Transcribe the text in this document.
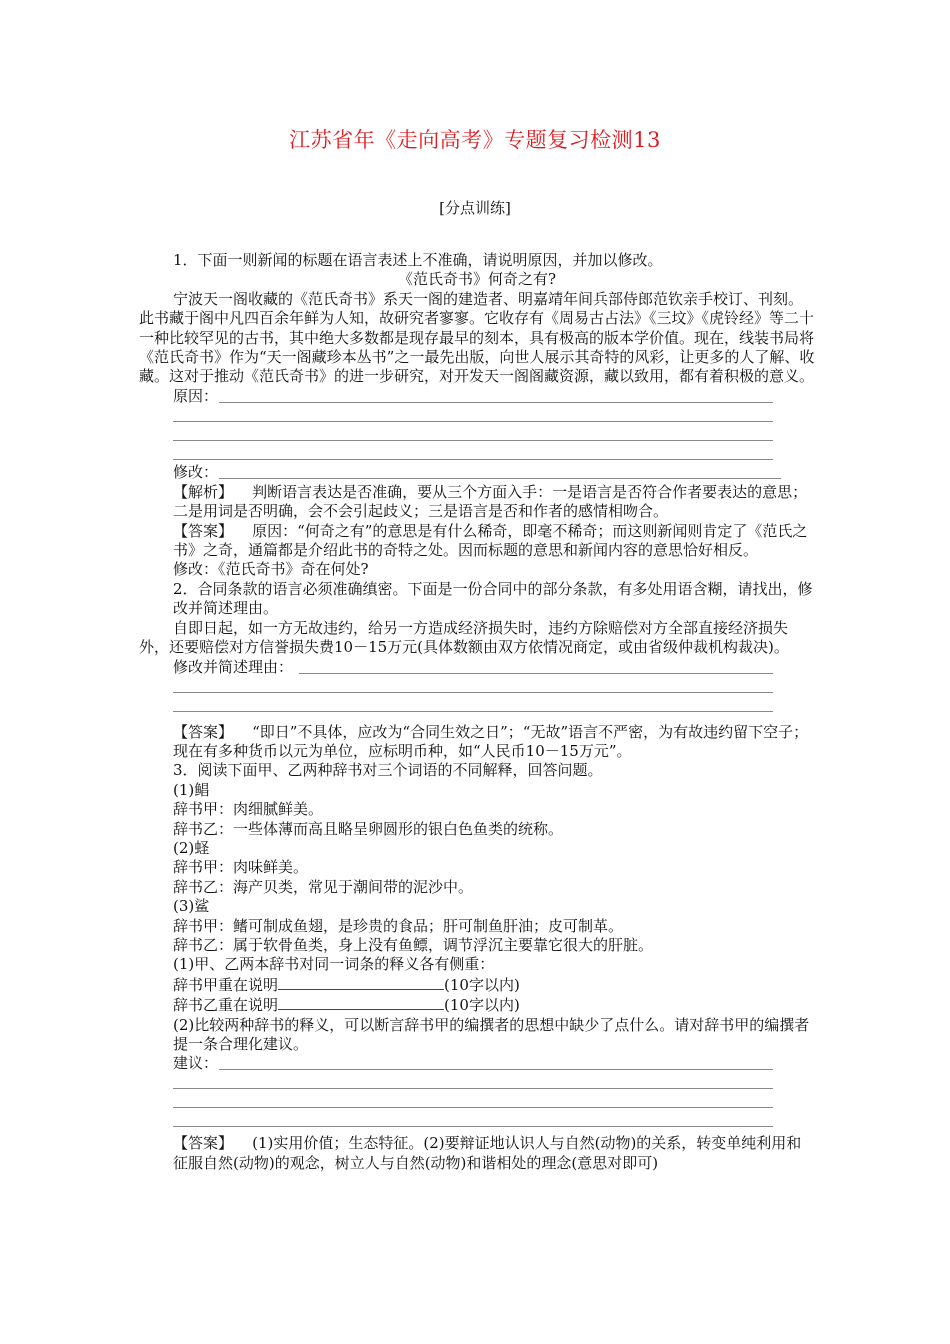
江苏省年《走向高考》专题复习检测13
[分点训练]

1．下面一则新闻的标题在语言表述上不准确，请说明原因，并加以修改。

《范氏奇书》何奇之有?

宁波天一阁收藏的《范氏奇书》系天一阁的建造者、明嘉靖年间兵部侍郎范钦亲手校订、刊刻。此书藏于阁中凡四百余年鲜为人知，故研究者寥寥。它收存有《周易古占法》《三坟》《虎铃经》等二十一种比较罕见的古书，其中绝大多数都是现存最早的刻本，具有极高的版本学价值。现在，线装书局将《范氏奇书》作为“天一阁藏珍本丛书”之一最先出版，向世人展示其奇特的风彩，让更多的人了解、收藏。这对于推动《范氏奇书》的进一步研究，对开发天一阁阁藏资源，藏以致用，都有着积极的意义。

原因：
修改：

【解析】 判断语言表达是否准确，要从三个方面入手：一是语言是否符合作者要表达的意思；二是用词是否明确，会不会引起歧义；三是语言是否和作者的感情相吻合。

【答案】 原因：“何奇之有”的意思是有什么稀奇，即毫不稀奇；而这则新闻则肯定了《范氏之书》之奇，通篇都是介绍此书的奇特之处。因而标题的意思和新闻内容的意思恰好相反。

修改：《范氏奇书》奇在何处?

2．合同条款的语言必须准确缜密。下面是一份合同中的部分条款，有多处用语含糊，请找出，修改并简述理由。

自即日起，如一方无故违约，给另一方造成经济损失时，违约方除赔偿对方全部直接经济损失外，还要赔偿对方信誉损失费10－15万元(具体数额由双方依情况商定，或由省级仲裁机构裁决)。

修改并简述理由：

【答案】 “即日”不具体，应改为“合同生效之日”；“无故”语言不严密，为有故违约留下空子；现在有多种货币以元为单位，应标明币种，如“人民币10－15万元”。

3．阅读下面甲、乙两种辞书对三个词语的不同解释，回答问题。

(1)鲳

辞书甲：肉细腻鲜美。

辞书乙：一些体薄而高且略呈卵圆形的银白色鱼类的统称。

(2)蛏

辞书甲：肉味鲜美。

辞书乙：海产贝类，常见于潮间带的泥沙中。

(3)鲨

辞书甲：鳍可制成鱼翅，是珍贵的食品；肝可制鱼肝油；皮可制革。

辞书乙：属于软骨鱼类，身上没有鱼鳔，调节浮沉主要靠它很大的肝脏。

(1)甲、乙两本辞书对同一词条的释义各有侧重：

辞书甲重在说明	(10字以内)

辞书乙重在说明	(10字以内)

(2)比较两种辞书的释义，可以断言辞书甲的编撰者的思想中缺少了点什么。请对辞书甲的编撰者提一条合理化建议。

建议：

【答案】 (1)实用价值；生态特征。(2)要辩证地认识人与自然(动物)的关系，转变单纯利用和征服自然(动物)的观念，树立人与自然(动物)和谐相处的理念(意思对即可)
